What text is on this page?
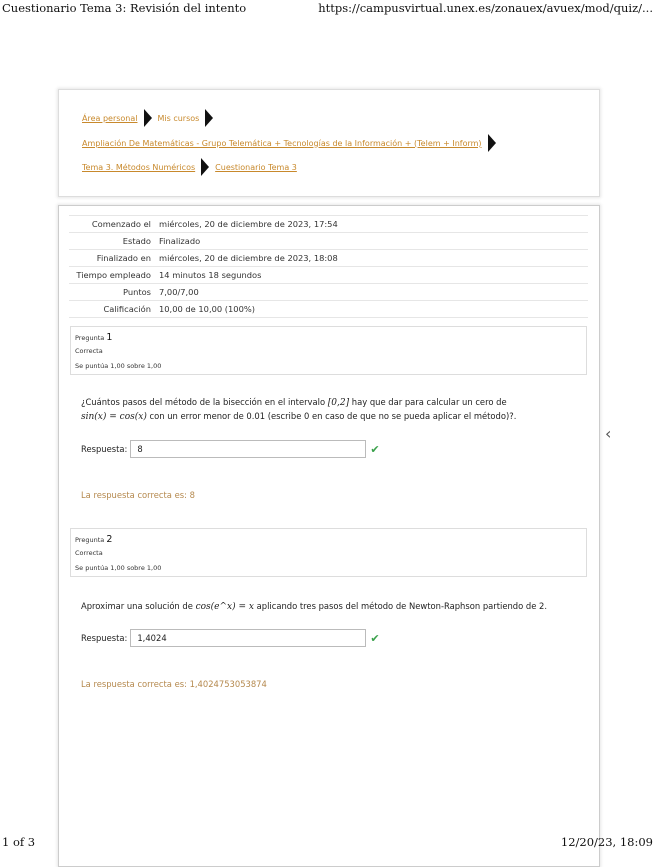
Cuestionario Tema 3: Revisión del intento	https://campusvirtual.unex.es/zonauex/avuex/mod/quiz/...
Área personal	Mis cursos
Ampliación De Matemáticas - Grupo Telemática + Tecnologías de la Información + (Telem + Inform)
Tema 3. Métodos Numéricos	Cuestionario Tema 3
Comenzado el	miércoles, 20 de diciembre de 2023, 17:54
Estado	Finalizado
Finalizado en	miércoles, 20 de diciembre de 2023, 18:08
Tiempo empleado	14 minutos 18 segundos
Puntos	7,00/7,00
Calificación	10,00 de 10,00 (100%)
Pregunta 1
Correcta
Se puntúa 1,00 sobre 1,00
¿Cuántos pasos del método de la bisección en el intervalo [0,2] hay que dar para calcular un cero de
sin(x) = cos(x) con un error menor de 0.01 (escribe 0 en caso de que no se pueda aplicar el método)?.
Respuesta:	8	✔
La respuesta correcta es: 8
Pregunta 2
Correcta
Se puntúa 1,00 sobre 1,00
Aproximar una solución de cos(e^x) = x aplicando tres pasos del método de Newton-Raphson partiendo de 2.
Respuesta:	1,4024	✔
La respuesta correcta es: 1,4024753053874
‹
1 of 3	12/20/23, 18:09
